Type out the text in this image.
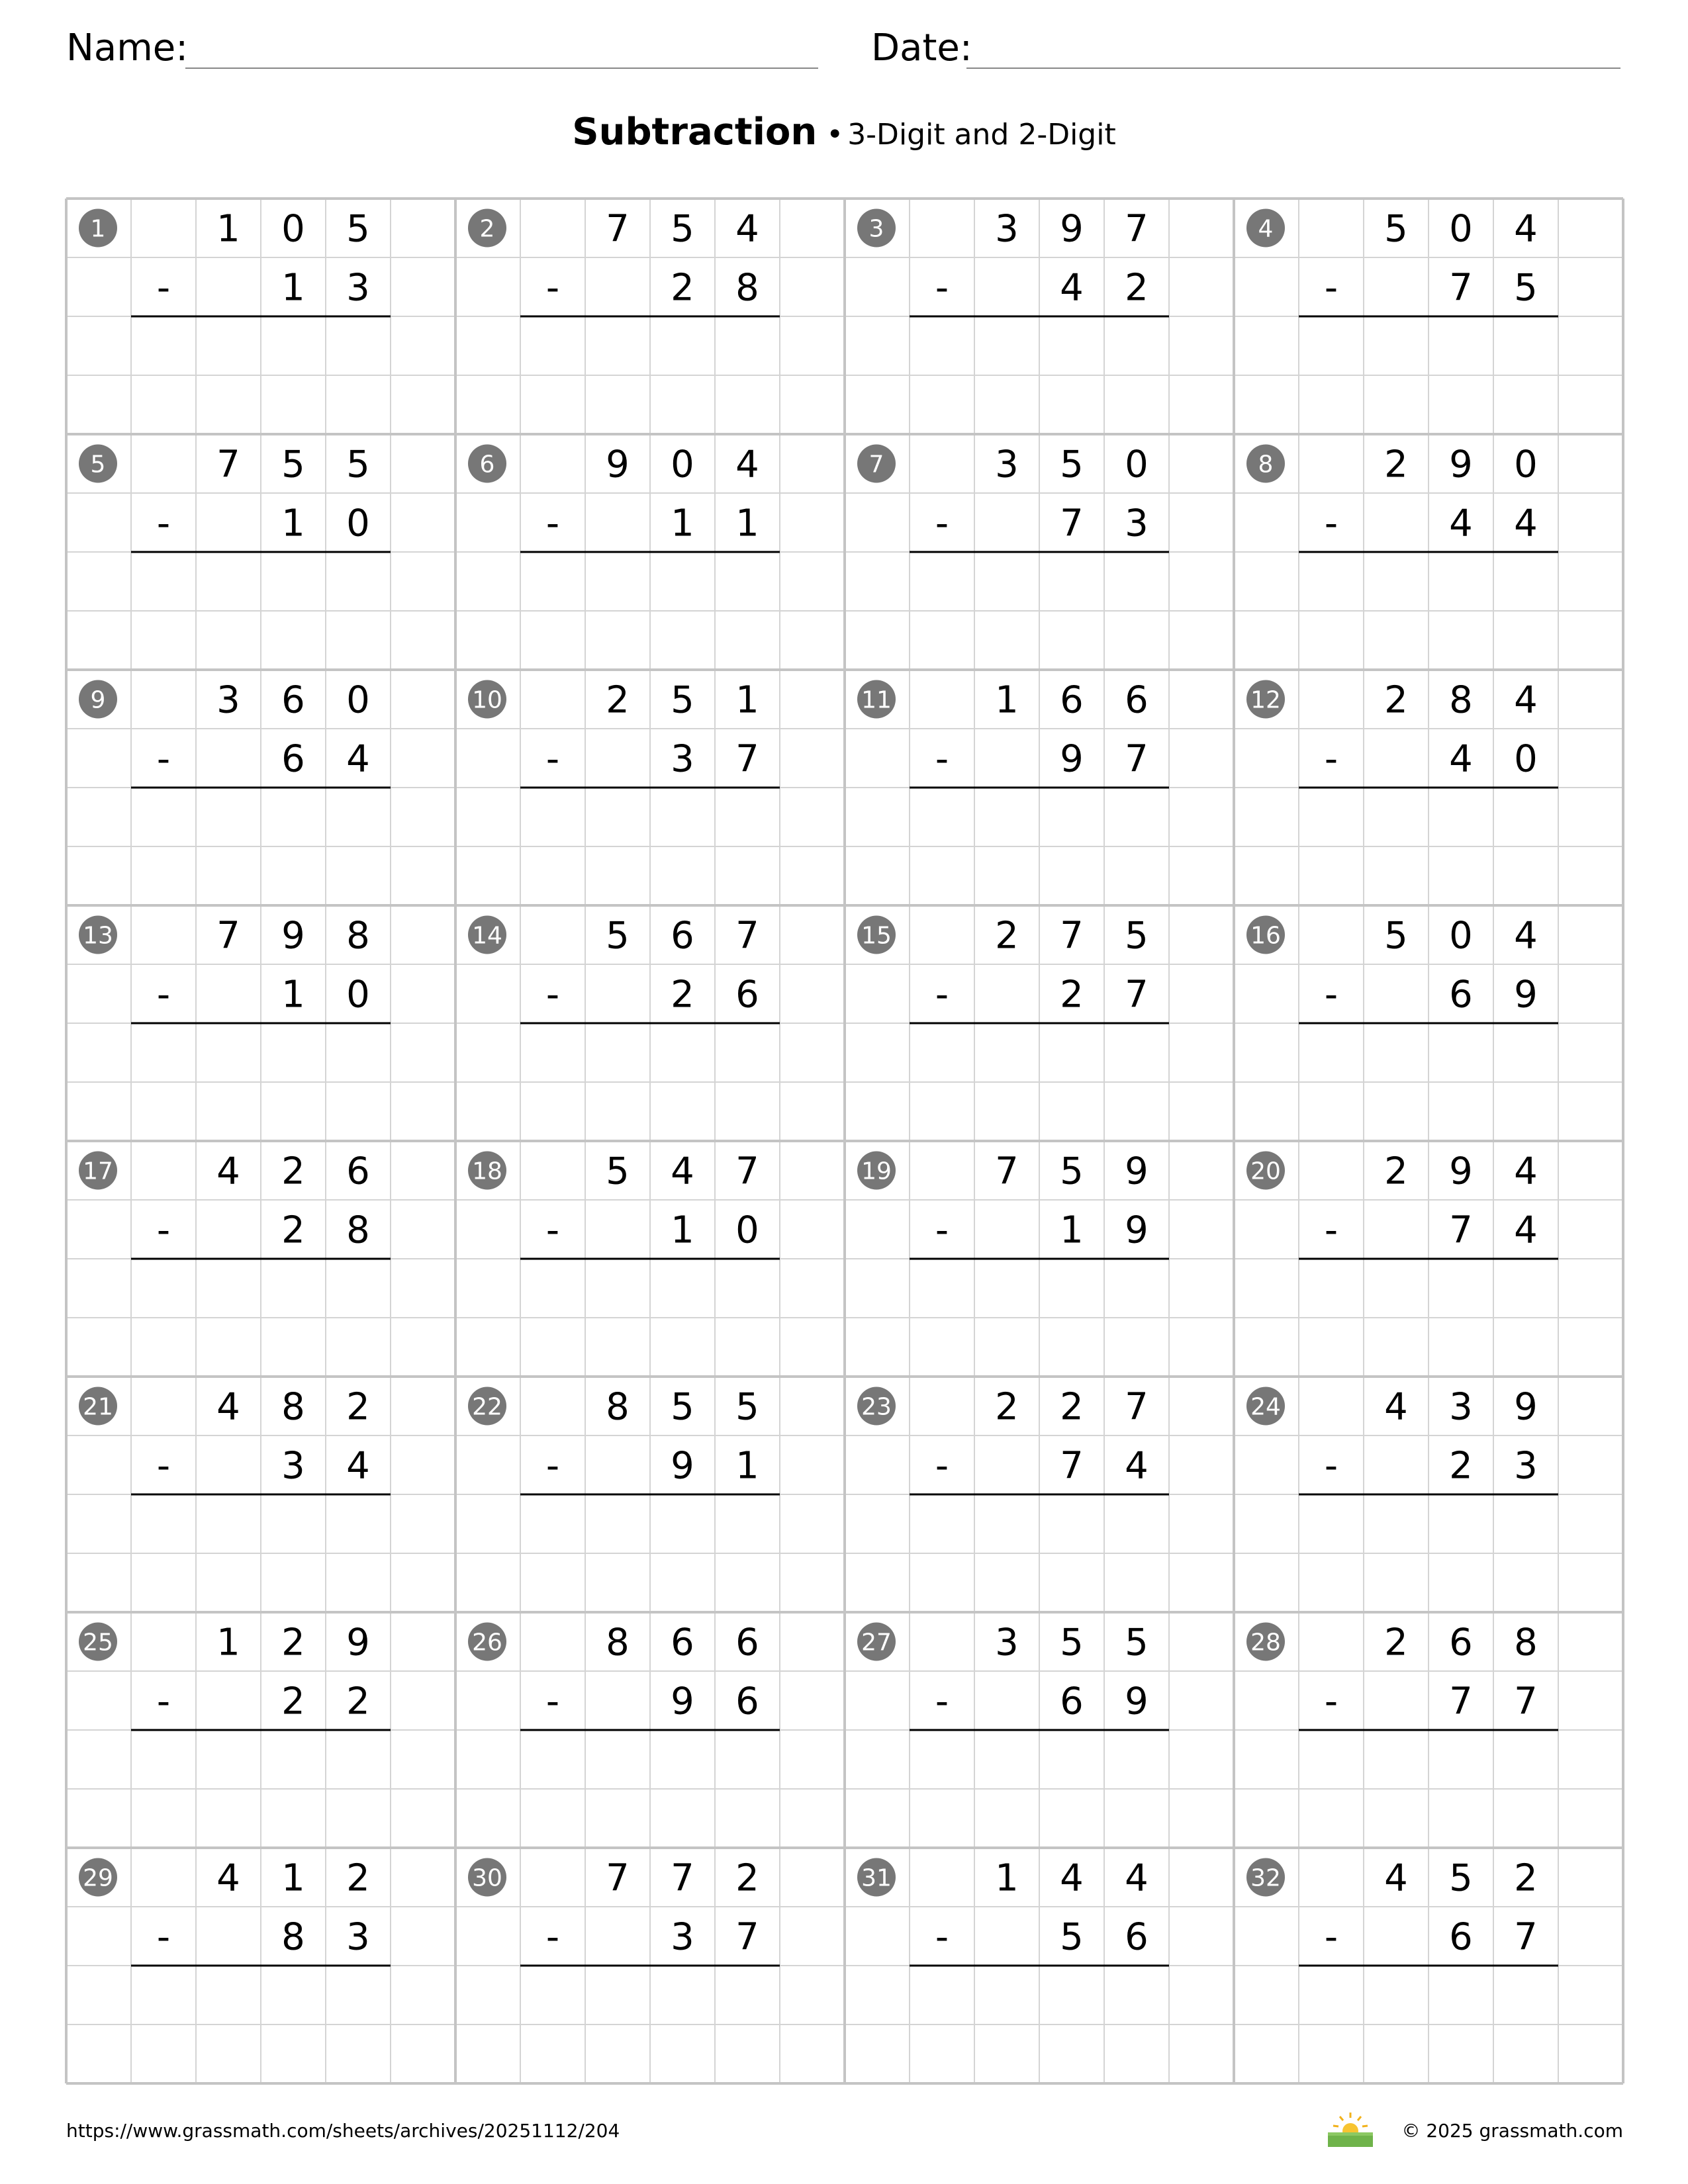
Name:	Date:
Subtraction • 3-Digit and 2-Digit
1	1 0 5
-	1 3
2	7 5 4
-	2 8
3	3 9 7
-	4 2
4	5 0 4
-	7 5
5	7 5 5
-	1 0
6	9 0 4
-	1 1
7	3 5 0
-	7 3
8	2 9 0
-	4 4
9	3 6 0
-	6 4
10	2 5 1
-	3 7
11	1 6 6
-	9 7
12	2 8 4
-	4 0
13	7 9 8
-	1 0
14	5 6 7
-	2 6
15	2 7 5
-	2 7
16	5 0 4
-	6 9
17	4 2 6
-	2 8
18	5 4 7
-	1 0
19	7 5 9
-	1 9
20	2 9 4
-	7 4
21	4 8 2
-	3 4
22	8 5 5
-	9 1
23	2 2 7
-	7 4
24	4 3 9
-	2 3
25	1 2 9
-	2 2
26	8 6 6
-	9 6
27	3 5 5
-	6 9
28	2 6 8
-	7 7
29	4 1 2
-	8 3
30	7 7 2
-	3 7
31	1 4 4
-	5 6
32	4 5 2
-	6 7
https://www.grassmath.com/sheets/archives/20251112/204	© 2025 grassmath.com
